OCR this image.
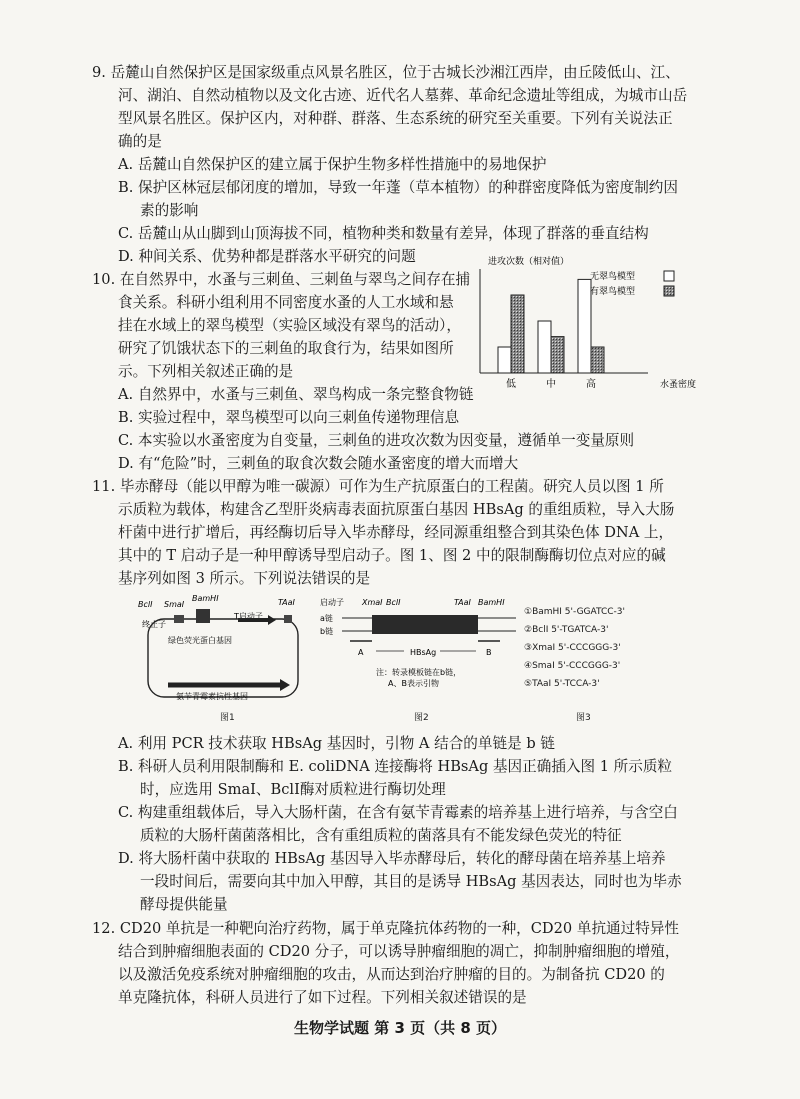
9. 岳麓山自然保护区是国家级重点风景名胜区，位于古城长沙湘江西岸，由丘陵低山、江、
河、湖泊、自然动植物以及文化古迹、近代名人墓葬、革命纪念遗址等组成，为城市山岳
型风景名胜区。保护区内，对种群、群落、生态系统的研究至关重要。下列有关说法正
确的是
A. 岳麓山自然保护区的建立属于保护生物多样性措施中的易地保护
B. 保护区林冠层郁闭度的增加，导致一年蓬（草本植物）的种群密度降低为密度制约因
素的影响
C. 岳麓山从山脚到山顶海拔不同，植物种类和数量有差异，体现了群落的垂直结构
D. 种间关系、优势种都是群落水平研究的问题
10. 在自然界中，水蚤与三刺鱼、三刺鱼与翠鸟之间存在捕
食关系。科研小组利用不同密度水蚤的人工水域和悬
挂在水域上的翠鸟模型（实验区域没有翠鸟的活动），
研究了饥饿状态下的三刺鱼的取食行为，结果如图所
示。下列相关叙述正确的是
A. 自然界中，水蚤与三刺鱼、翠鸟构成一条完整食物链
B. 实验过程中，翠鸟模型可以向三刺鱼传递物理信息
C. 本实验以水蚤密度为自变量，三刺鱼的进攻次数为因变量，遵循单一变量原则
D. 有“危险”时，三刺鱼的取食次数会随水蚤密度的增大而增大
进攻次数（相对值）
低	中	高	水蚤密度
无翠鸟模型
有翠鸟模型
11. 毕赤酵母（能以甲醇为唯一碳源）可作为生产抗原蛋白的工程菌。研究人员以图 1 所
示质粒为载体，构建含乙型肝炎病毒表面抗原蛋白基因 HBsAg 的重组质粒，导入大肠
杆菌中进行扩增后，再经酶切后导入毕赤酵母，经同源重组整合到其染色体 DNA 上，
其中的 T 启动子是一种甲醇诱导型启动子。图 1、图 2 中的限制酶酶切位点对应的碱
基序列如图 3 所示。下列说法错误的是
BclⅠ SmaⅠ
BamHⅠ	TAaⅠ
终止子
T启动子
绿色荧光蛋白基因
氨苄青霉素抗性基因
图1
启动子 XmaⅠ BclⅠ	TAaⅠ BamHⅠ
a链
b链
A	HBsAg	B
注：转录模板链在b链，
A、B表示引物
图2
①BamHⅠ 5'-GGATCC-3'
②BclⅠ 5'-TGATCA-3'
③XmaⅠ 5'-CCCGGG-3'
④SmaⅠ 5'-CCCGGG-3'
⑤TAaⅠ 5'-TCCA-3'
图3
A. 利用 PCR 技术获取 HBsAg 基因时，引物 A 结合的单链是 b 链
B. 科研人员利用限制酶和 E. coliDNA 连接酶将 HBsAg 基因正确插入图 1 所示质粒
时，应选用 SmaⅠ、BclⅠ酶对质粒进行酶切处理
C. 构建重组载体后，导入大肠杆菌，在含有氨苄青霉素的培养基上进行培养，与含空白
质粒的大肠杆菌菌落相比，含有重组质粒的菌落具有不能发绿色荧光的特征
D. 将大肠杆菌中获取的 HBsAg 基因导入毕赤酵母后，转化的酵母菌在培养基上培养
一段时间后，需要向其中加入甲醇，其目的是诱导 HBsAg 基因表达，同时也为毕赤
酵母提供能量
12. CD20 单抗是一种靶向治疗药物，属于单克隆抗体药物的一种，CD20 单抗通过特异性
结合到肿瘤细胞表面的 CD20 分子，可以诱导肿瘤细胞的凋亡，抑制肿瘤细胞的增殖，
以及激活免疫系统对肿瘤细胞的攻击，从而达到治疗肿瘤的目的。为制备抗 CD20 的
单克隆抗体，科研人员进行了如下过程。下列相关叙述错误的是
生物学试题 第 3 页（共 8 页）
